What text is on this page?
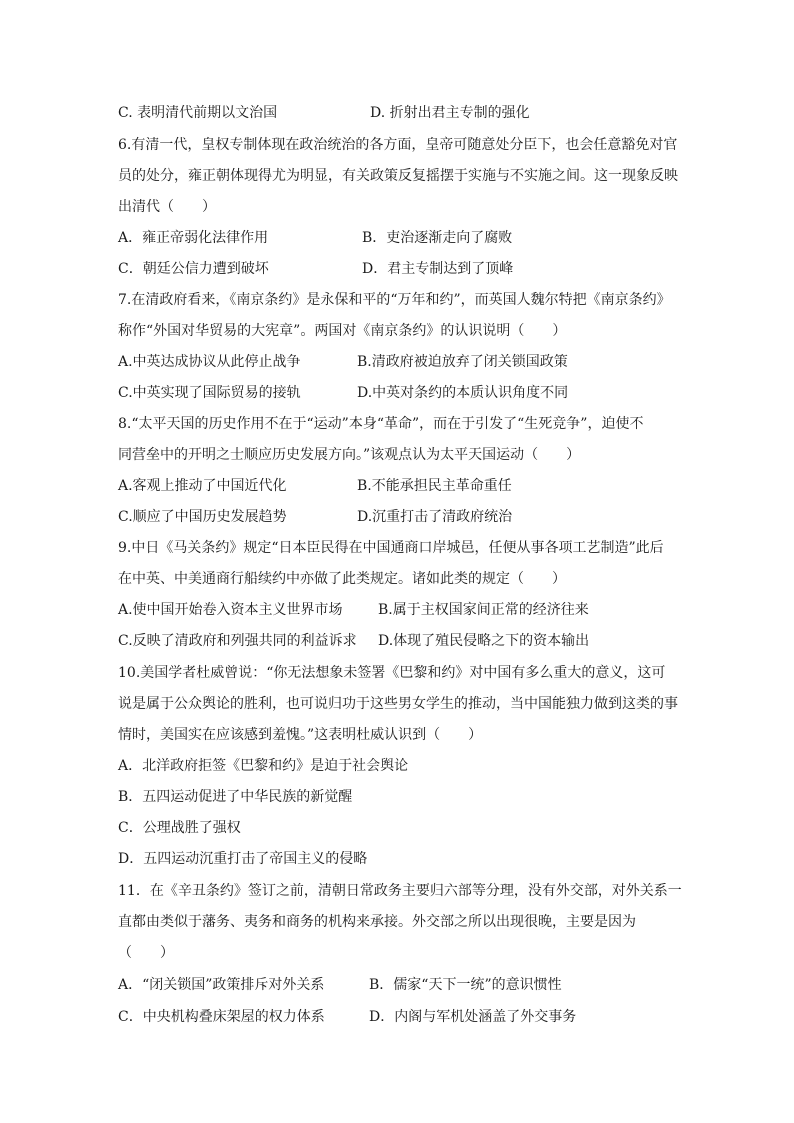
C. 表明清代前期以文治国	D. 折射出君主专制的强化
6.有清一代，皇权专制体现在政治统治的各方面，皇帝可随意处分臣下，也会任意豁免对官
员的处分，雍正朝体现得尤为明显，有关政策反复摇摆于实施与不实施之间。这一现象反映
出清代（　　）
A．雍正帝弱化法律作用	B．吏治逐渐走向了腐败
C．朝廷公信力遭到破坏	D．君主专制达到了顶峰
7.在清政府看来，《南京条约》是永保和平的“万年和约”，而英国人魏尔特把《南京条约》
称作“外国对华贸易的大宪章”。两国对《南京条约》的认识说明（　　）
A.中英达成协议从此停止战争	B.清政府被迫放弃了闭关锁国政策
C.中英实现了国际贸易的接轨	D.中英对条约的本质认识角度不同
8.“太平天国的历史作用不在于“运动”本身“革命”，而在于引发了“生死竞争”，迫使不
同营垒中的开明之士顺应历史发展方向。”该观点认为太平天国运动（　　）
A.客观上推动了中国近代化	B.不能承担民主革命重任
C.顺应了中国历史发展趋势	D.沉重打击了清政府统治
9.中日《马关条约》规定“日本臣民得在中国通商口岸城邑，任便从事各项工艺制造”此后
在中英、中美通商行船续约中亦做了此类规定。诸如此类的规定（　　）
A.使中国开始卷入资本主义世界市场	B.属于主权国家间正常的经济往来
C.反映了清政府和列强共同的利益诉求 D.体现了殖民侵略之下的资本输出
10.美国学者杜威曾说：“你无法想象未签署《巴黎和约》对中国有多么重大的意义，这可
说是属于公众舆论的胜利，也可说归功于这些男女学生的推动，当中国能独力做到这类的事
情时，美国实在应该感到羞愧。”这表明杜威认识到（　　）
A．北洋政府拒签《巴黎和约》是迫于社会舆论
B．五四运动促进了中华民族的新觉醒
C．公理战胜了强权
D．五四运动沉重打击了帝国主义的侵略
11．在《辛丑条约》签订之前，清朝日常政务主要归六部等分理，没有外交部，对外关系一
直都由类似于藩务、夷务和商务的机构来承接。外交部之所以出现很晚，主要是因为
（　　）
A．“闭关锁国”政策排斥对外关系	B．儒家“天下一统”的意识惯性
C．中央机构叠床架屋的权力体系	D．内阁与军机处涵盖了外交事务
